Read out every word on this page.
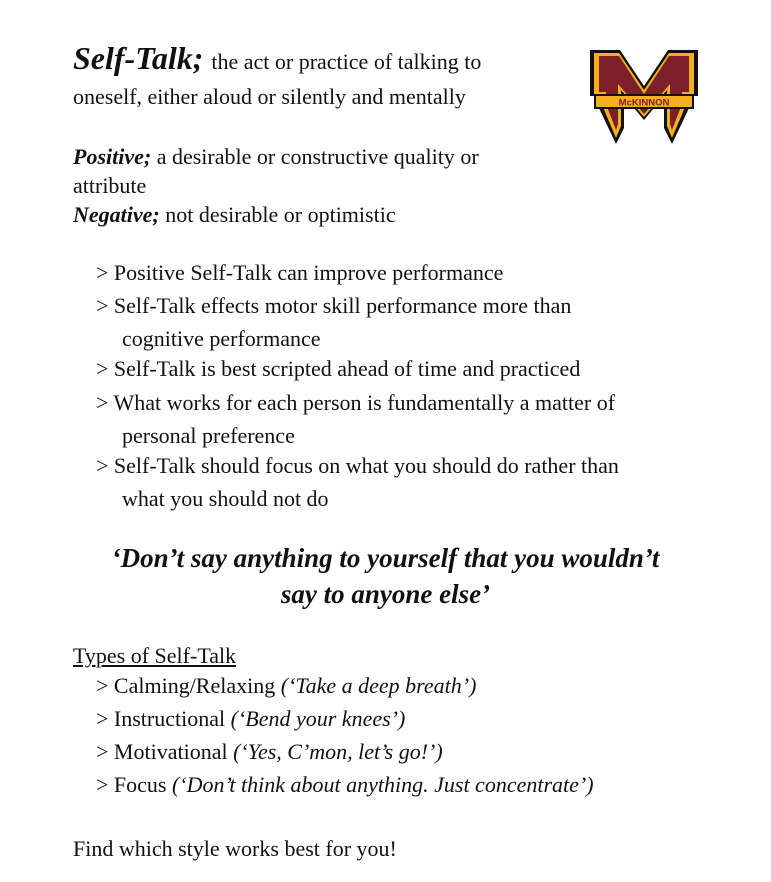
Self-Talk; the act or practice of talking to
oneself, either aloud or silently and mentally
Positive; a desirable or constructive quality or
attribute
Negative; not desirable or optimistic
McKINNON
> Positive Self-Talk can improve performance
> Self-Talk effects motor skill performance more than
cognitive performance
> Self-Talk is best scripted ahead of time and practiced
> What works for each person is fundamentally a matter of
personal preference
> Self-Talk should focus on what you should do rather than
what you should not do
‘Don’t say anything to yourself that you wouldn’t
say to anyone else’
Types of Self-Talk
> Calming/Relaxing (‘Take a deep breath’)
> Instructional (‘Bend your knees’)
> Motivational (‘Yes, C’mon, let’s go!’)
> Focus (‘Don’t think about anything. Just concentrate’)
Find which style works best for you!
